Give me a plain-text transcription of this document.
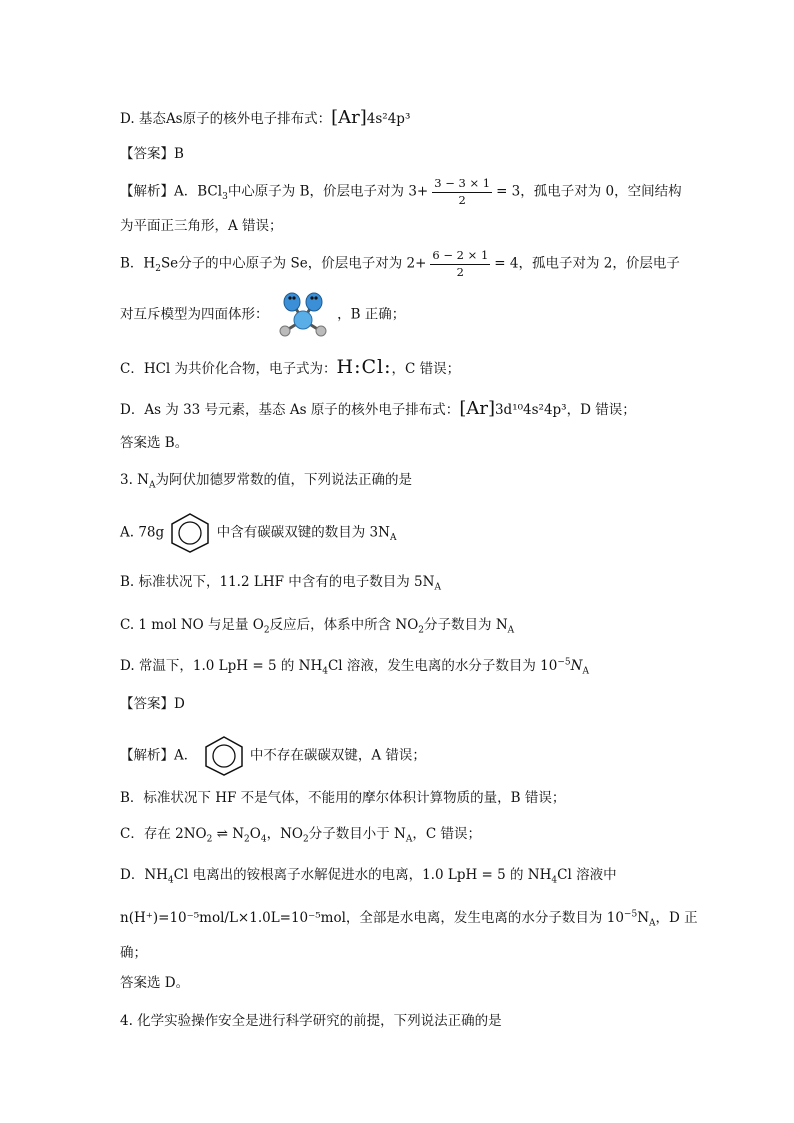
D. 基态As原子的核外电子排布式：[Ar]4s²4p³
【答案】B
【解析】A．BCl$_3$中心原子为 B，价层电子对为 $3+ \frac{3 - 3 \times 1}{2} = 3$，孤电子对为 0，空间结构
为平面正三角形，A 错误；
B．$H_2Se$分子的中心原子为 Se，价层电子对为 $2+ \frac{6 - 2 \times 1}{2} = 4$，孤电子对为 2，价层电子
对互斥模型为四面体形：	，B 正确；
C．HCl 为共价化合物，电子式为：H:Cl:，C 错误；
D．As 为 33 号元素，基态 As 原子的核外电子排布式：[Ar]3d¹⁰4s²4p³，D 错误；
答案选 B。
3. $N_A$为阿伏加德罗常数的值，下列说法正确的是
A. 78g	中含有碳碳双键的数目为 $3N_A$
B. 标准状况下，11.2 LHF 中含有的电子数目为 $5N_A$
C. 1 mol NO 与足量 $O_2$反应后，体系中所含 $NO_2$分子数目为 $N_A$
D. 常温下，1.0 LpH = 5 的 $NH_4Cl$ 溶液，发生电离的水分子数目为 $10^{-5}N_A$
【答案】D
【解析】A．	中不存在碳碳双键，A 错误；
B．标准状况下 HF 不是气体，不能用的摩尔体积计算物质的量，B 错误；
C．存在 $2NO_2$ ⇌ $N_2O_4$，$NO_2$分子数目小于 $N_A$，C 错误；
D．$NH_4Cl$ 电离出的铵根离子水解促进水的电离，1.0 LpH = 5 的 $NH_4Cl$ 溶液中
n(H⁺)=10⁻⁵mol/L×1.0L=10⁻⁵mol，全部是水电离，发生电离的水分子数目为 $10^{-5}N_A$，D 正
确；
答案选 D。
4. 化学实验操作安全是进行科学研究的前提，下列说法正确的是
